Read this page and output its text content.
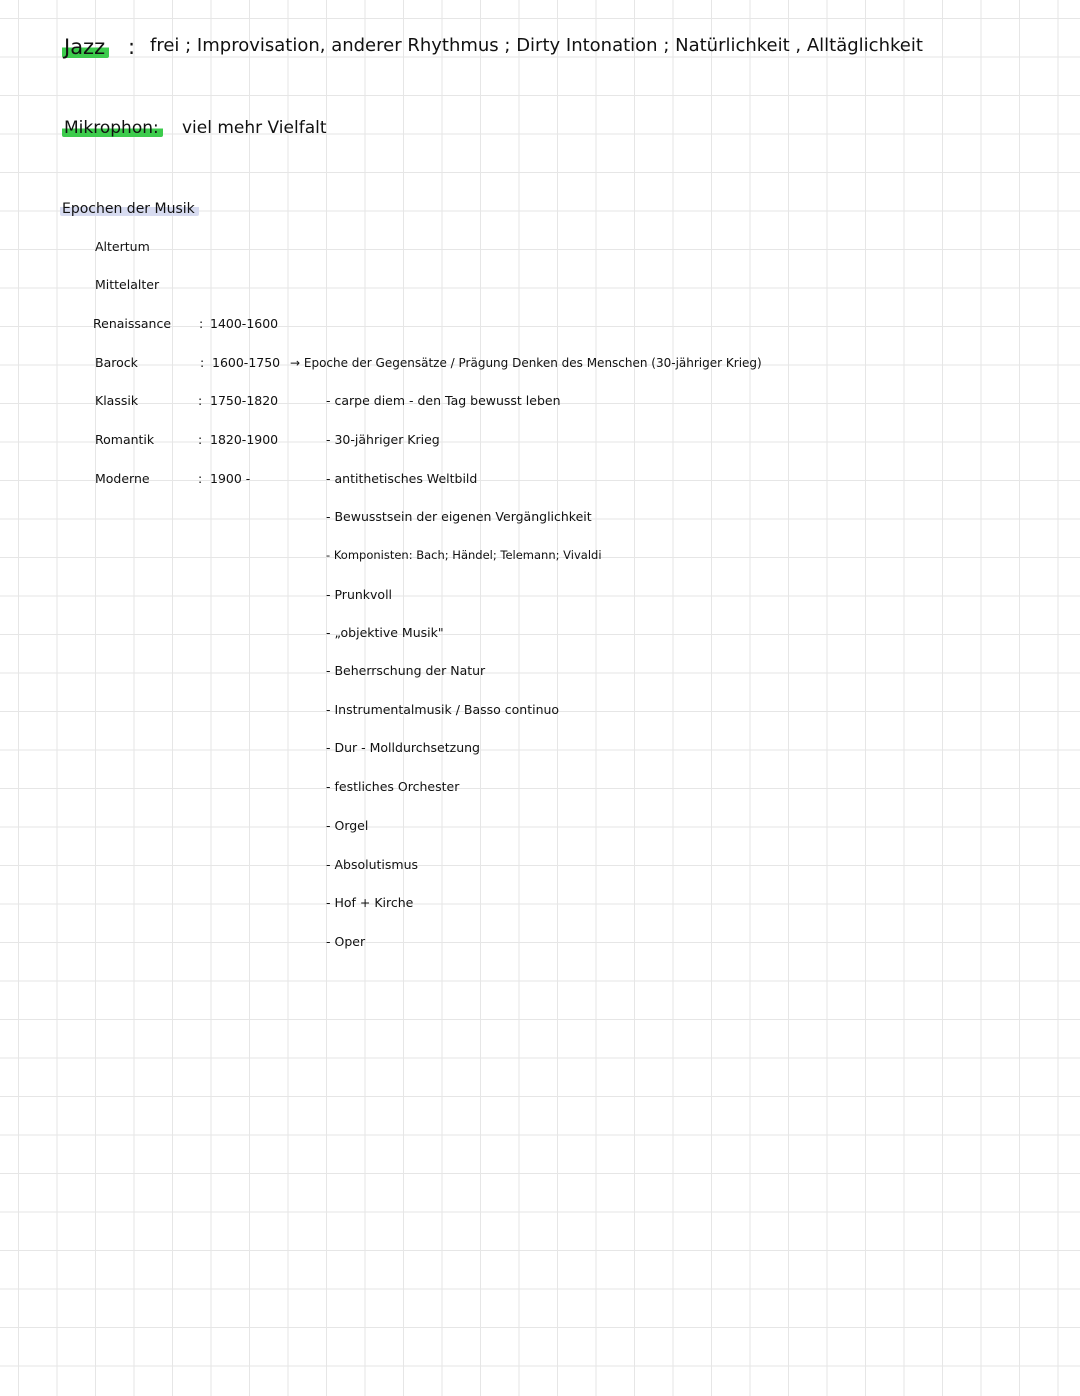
Jazz : frei ; Improvisation, anderer Rhythmus ; Dirty Intonation ; Natürlichkeit , Alltäglichkeit
Mikrophon: viel mehr Vielfalt
Epochen der Musik
Altertum
Mittelalter
Renaissance : 1400-1600
Barock	: 1600-1750 → Epoche der Gegensätze / Prägung Denken des Menschen (30-jähriger Krieg)
Klassik	: 1750-1820
Romantik	: 1820-1900
Moderne	: 1900 -
- carpe diem - den Tag bewusst leben
- 30-jähriger Krieg
- antithetisches Weltbild
- Bewusstsein der eigenen Vergänglichkeit
- Komponisten: Bach; Händel; Telemann; Vivaldi
- Prunkvoll
- „objektive Musik"
- Beherrschung der Natur
- Instrumentalmusik / Basso continuo
- Dur - Molldurchsetzung
- festliches Orchester
- Orgel
- Absolutismus
- Hof + Kirche
- Oper
